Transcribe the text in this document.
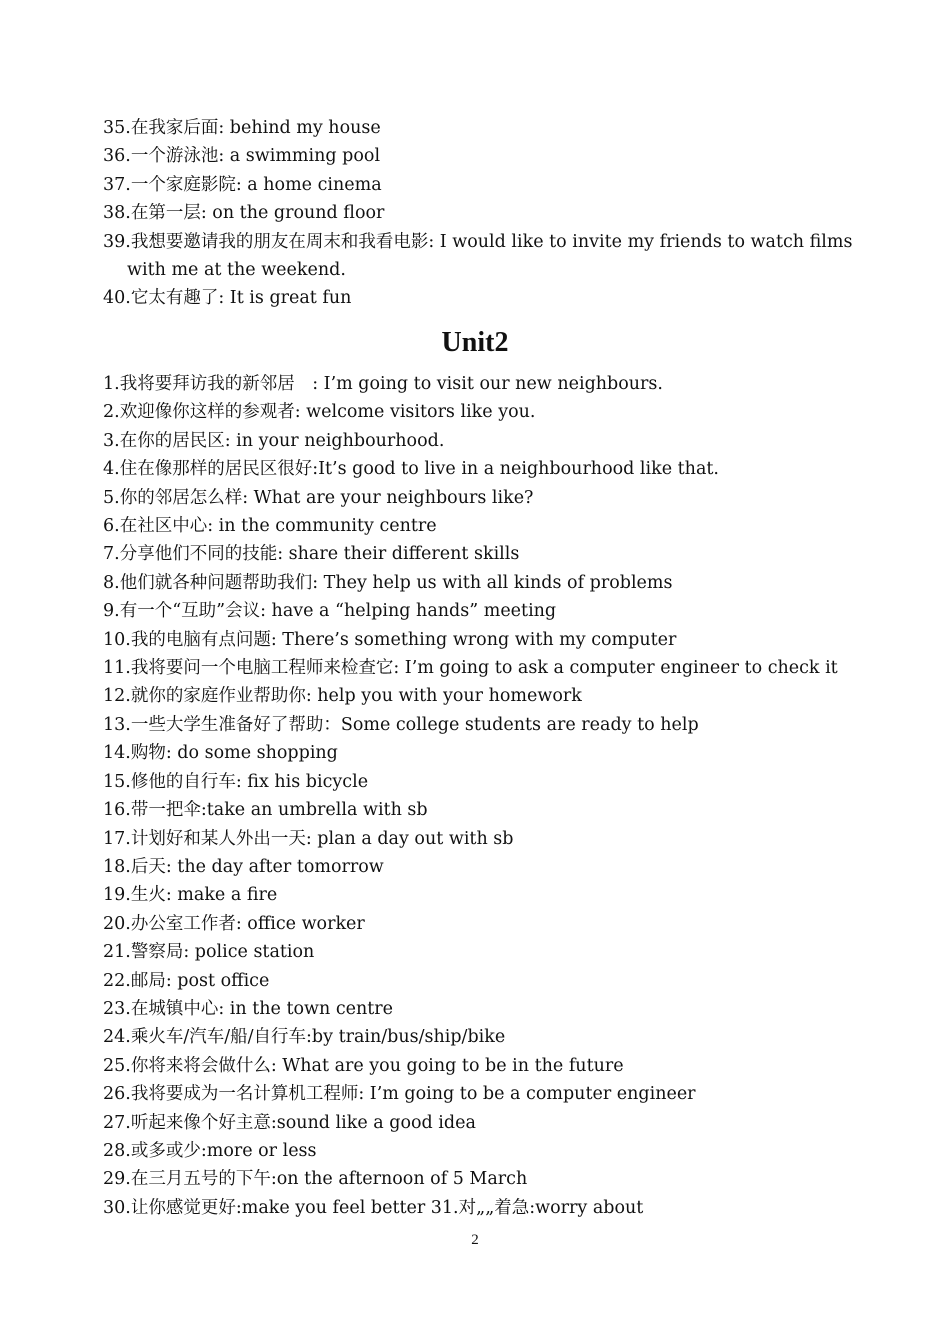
35.在我家后面: behind my house
36.一个游泳池: a swimming pool
37.一个家庭影院: a home cinema
38.在第一层: on the ground floor
39.我想要邀请我的朋友在周末和我看电影: I would like to invite my friends to watch films
with me at the weekend.
40.它太有趣了: It is great fun
Unit2
1.我将要拜访我的新邻居　: I’m going to visit our new neighbours.
2.欢迎像你这样的参观者: welcome visitors like you.
3.在你的居民区: in your neighbourhood.
4.住在像那样的居民区很好:It’s good to live in a neighbourhood like that.
5.你的邻居怎么样: What are your neighbours like?
6.在社区中心: in the community centre
7.分享他们不同的技能: share their different skills
8.他们就各种问题帮助我们: They help us with all kinds of problems
9.有一个“互助”会议: have a “helping hands” meeting
10.我的电脑有点问题: There’s something wrong with my computer
11.我将要问一个电脑工程师来检查它: I’m going to ask a computer engineer to check it
12.就你的家庭作业帮助你: help you with your homework
13.一些大学生准备好了帮助：Some college students are ready to help
14.购物: do some shopping
15.修他的自行车: fix his bicycle
16.带一把伞:take an umbrella with sb
17.计划好和某人外出一天: plan a day out with sb
18.后天: the day after tomorrow
19.生火: make a fire
20.办公室工作者: office worker
21.警察局: police station
22.邮局: post office
23.在城镇中心: in the town centre
24.乘火车/汽车/船/自行车:by train/bus/ship/bike
25.你将来将会做什么: What are you going to be in the future
26.我将要成为一名计算机工程师: I’m going to be a computer engineer
27.听起来像个好主意:sound like a good idea
28.或多或少:more or less
29.在三月五号的下午:on the afternoon of 5 March
30.让你感觉更好:make you feel better 31.对„„着急:worry about
2
